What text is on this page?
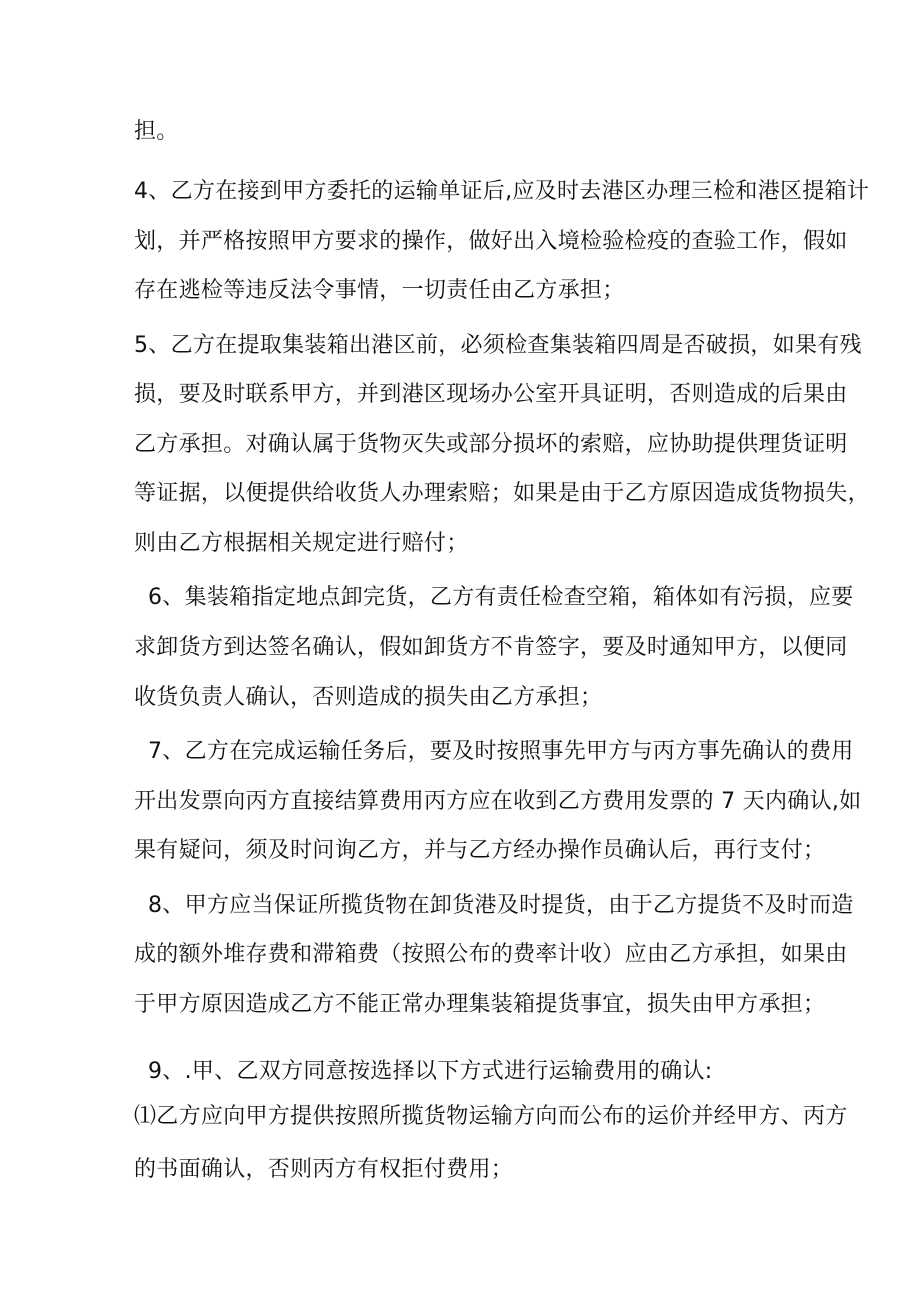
担。
4、乙方在接到甲方委托的运输单证后,应及时去港区办理三检和港区提箱计
划，并严格按照甲方要求的操作，做好出入境检验检疫的查验工作，假如
存在逃检等违反法令事情，一切责任由乙方承担；
5、乙方在提取集装箱出港区前，必须检查集装箱四周是否破损，如果有残
损，要及时联系甲方，并到港区现场办公室开具证明，否则造成的后果由
乙方承担。对确认属于货物灭失或部分损坏的索赔，应协助提供理货证明
等证据，以便提供给收货人办理索赔；如果是由于乙方原因造成货物损失，
则由乙方根据相关规定进行赔付；
6、集装箱指定地点卸完货，乙方有责任检查空箱，箱体如有污损，应要
求卸货方到达签名确认，假如卸货方不肯签字，要及时通知甲方，以便同
收货负责人确认，否则造成的损失由乙方承担；
7、乙方在完成运输任务后，要及时按照事先甲方与丙方事先确认的费用
开出发票向丙方直接结算费用丙方应在收到乙方费用发票的 7 天内确认,如
果有疑问，须及时问询乙方，并与乙方经办操作员确认后，再行支付；
8、甲方应当保证所揽货物在卸货港及时提货，由于乙方提货不及时而造
成的额外堆存费和滞箱费（按照公布的费率计收）应由乙方承担，如果由
于甲方原因造成乙方不能正常办理集装箱提货事宜，损失由甲方承担；
9、.甲、乙双方同意按选择以下方式进行运输费用的确认:
⑴乙方应向甲方提供按照所揽货物运输方向而公布的运价并经甲方、丙方
的书面确认，否则丙方有权拒付费用；
